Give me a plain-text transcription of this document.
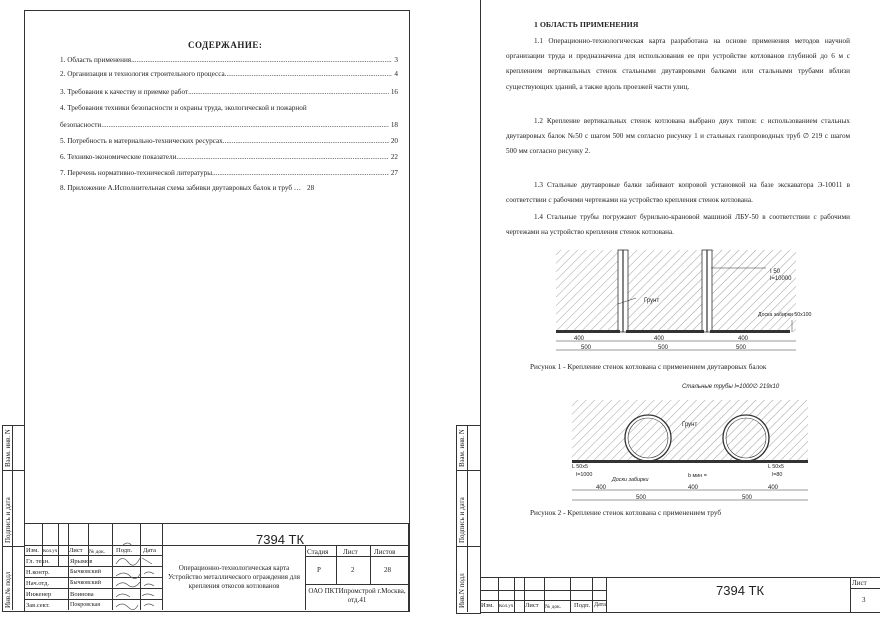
СОДЕРЖАНИЕ:
1. Область применения .....	3
2. Организация и технология строительного процесса. .....	4
3. Требования к качеству и приемке работ .....	16
4. Требования техники безопасности и охраны труда, экологической и пожарной
безопасности. .....	18
5. Потребность в материально-технических ресурсах. .....	20
6. Технико-экономические показатели. .....	22
7. Перечень нормативно-технической литературы. .....	27
8. Приложение А.Исполнительная схема забивки двутавровых балок и труб … 28
Взам. инв. N
Подпись и дата
Инв.№ подл
7394 ТК
Изм. Кол.уч Лист № док. Подп. Дата
Гл. техн.	Ярымов
Н.контр.	Бычковский
Нач.отд.	Бычковский
Инженер	Воинова
Зав.сект.	Покровская
Операционно-технологическая карта Устройство металлического ограждения для крепления откосов котлованов
Стадия Лист Листов
Р	2	28
ОАО ПКТИпромстрой г.Москва, отд.41
Взам. инв. N
Подпись и дата
Инв.N подл
1 ОБЛАСТЬ ПРИМЕНЕНИЯ
1.1 Операционно-технологическая карта разработана на основе применения методов научной организации труда и предназначена для использования ее при устройстве котлованов глубиной до 6 м с креплением вертикальных стенок стальными двутавровыми балками или стальными трубами вблизи существующих зданий, а также вдоль проезжей части улиц.
1.2 Крепление вертикальных стенок котлована выбрано двух типов: с использованием стальных двутавровых балок №50 с шагом 500 мм согласно рисунку 1 и стальных газопроводных труб ∅ 219 с шагом 500 мм согласно рисунку 2.
1.3 Стальные двутавровые балки забивают копровой установкой на базе экскаватора Э-10011 в соответствии с рабочими чертежами на устройство крепления стенок котлована.
1.4 Стальные трубы погружают бурильно-крановой машиной ЛБУ-50 в соответствии с рабочими чертежами на устройство крепления стенок котлована.
I 50
l=10000
Грунт
Доска забирки 50х100
400	400	400
500	500	500
Рисунок 1 - Крепление стенок котлована с применением двутавровых балок
Стальные трубы l=1000∅ 219х10
Грунт
L 50х5
l=1000
L 50х5
l=80
b мин =
Доски забирки
400	400	400
500	500
Рисунок 2 - Крепление стенок котлована с применением труб
Изм. Кол.уч Лист № док. Подп. Дата
7394 ТК	Лист
3
